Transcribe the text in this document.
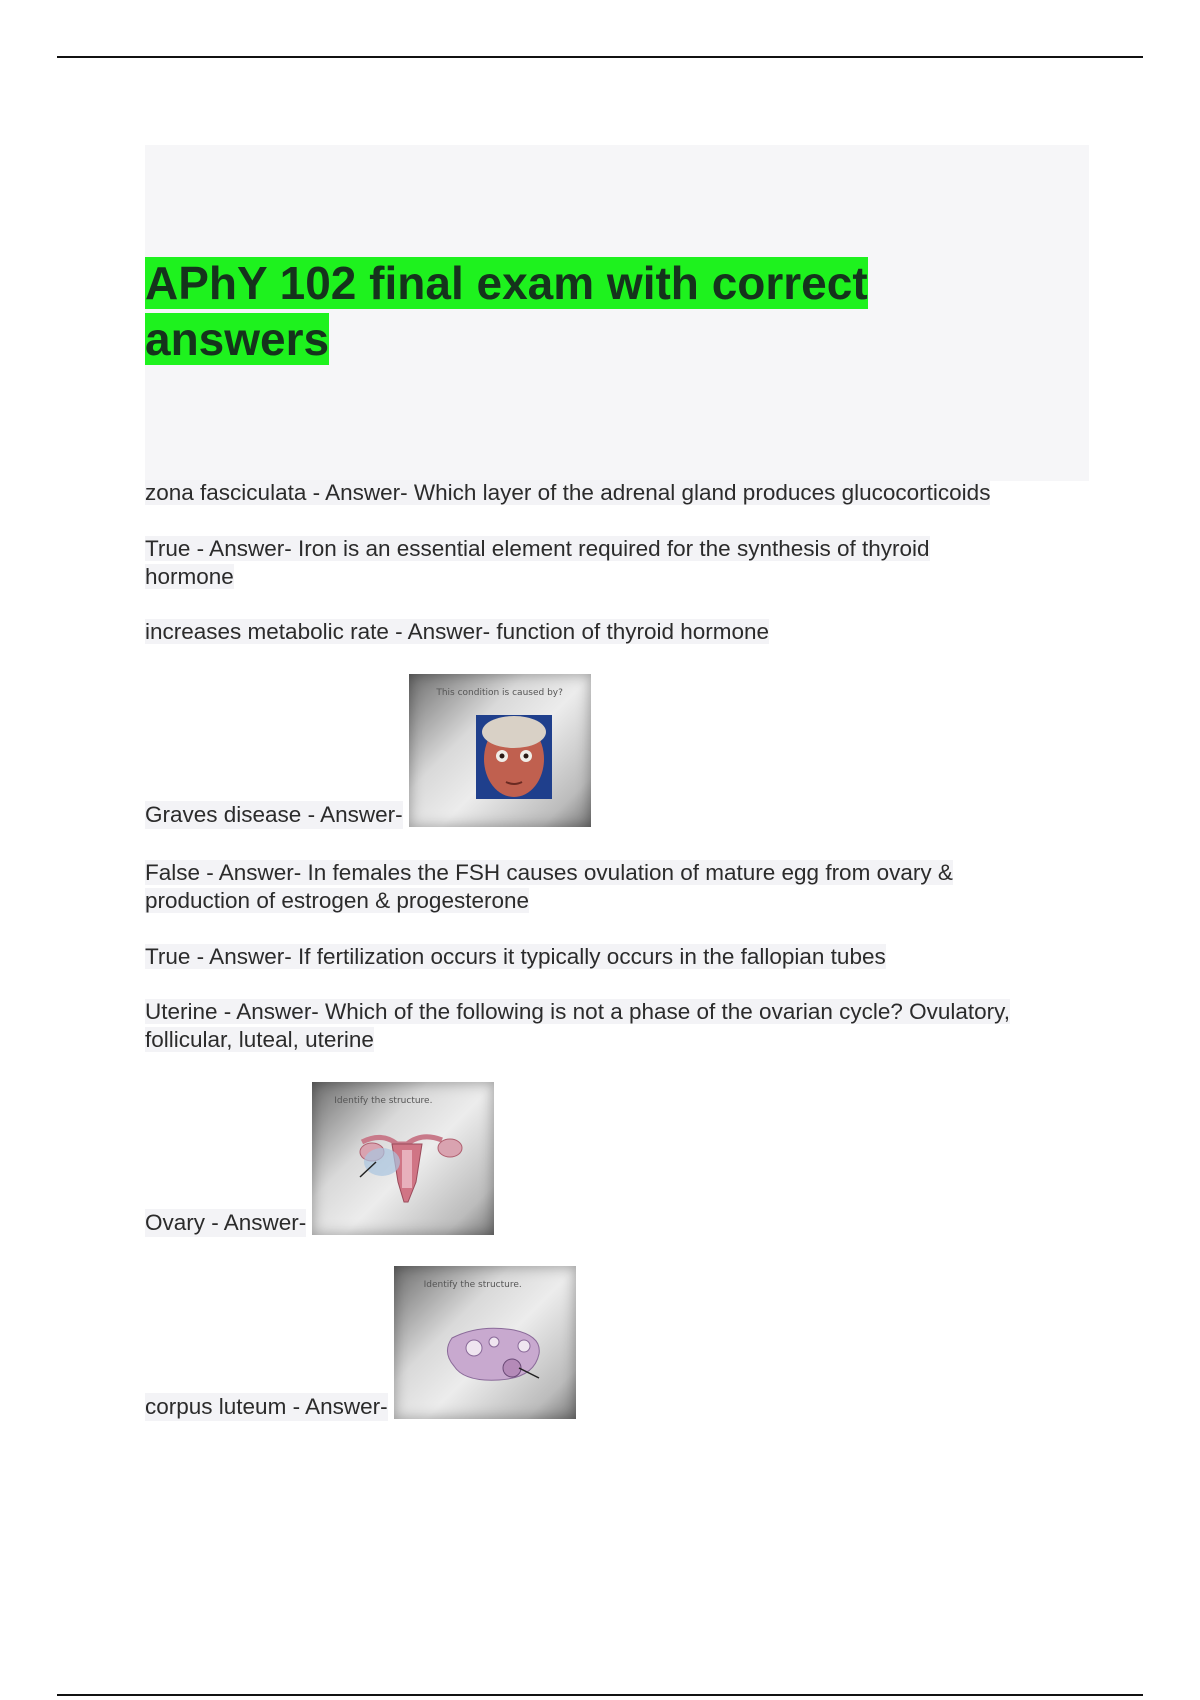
APhY 102 final exam with correct answers

zona fasciculata - Answer- Which layer of the adrenal gland produces glucocorticoids

True - Answer- Iron is an essential element required for the synthesis of thyroid hormone

increases metabolic rate - Answer- function of thyroid hormone

Graves disease - Answer-
This condition is caused by?

False - Answer- In females the FSH causes ovulation of mature egg from ovary & production of estrogen & progesterone

True - Answer- If fertilization occurs it typically occurs in the fallopian tubes

Uterine - Answer- Which of the following is not a phase of the ovarian cycle? Ovulatory, follicular, luteal, uterine

Ovary - Answer-
Identify the structure.
corpus luteum - Answer-
Identify the structure.
